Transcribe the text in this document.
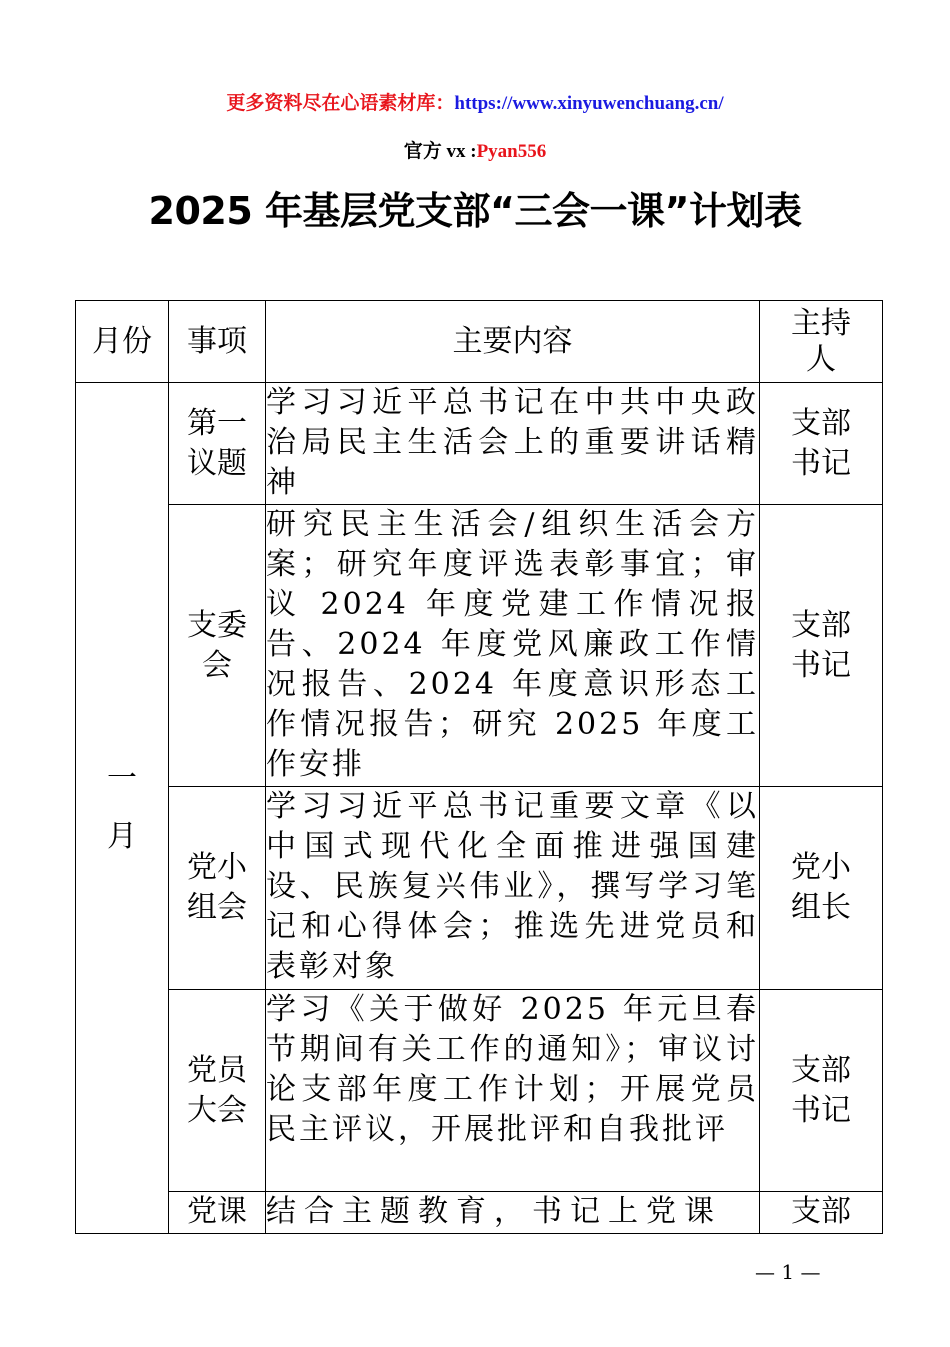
更多资料尽在心语素材库：https://www.xinyuwenchuang.cn/
官方 vx :Pyan556
2025 年基层党支部“三会一课”计划表
月份	事项	主要内容	主持人

一月	第一议题	学习习近平总书记在中共中央政治局民主生活会上的重要讲话精神	支部书记

	支委会	研究民主生活会/组织生活会方案；研究年度评选表彰事宜；审议 2024 年度党建工作情况报告、2024 年度党风廉政工作情况报告、2024 年度意识形态工作情况报告；研究 2025 年度工作安排	支部书记

	党小组会	学习习近平总书记重要文章《以中国式现代化全面推进强国建设、民族复兴伟业》，撰写学习笔记和心得体会；推选先进党员和表彰对象	党小组长

	党员大会	学习《关于做好 2025 年元旦春节期间有关工作的通知》；审议讨论支部年度工作计划；开展党员民主评议，开展批评和自我批评	支部书记

	党课	结合主题教育，书记上党课	支部
— 1 —
